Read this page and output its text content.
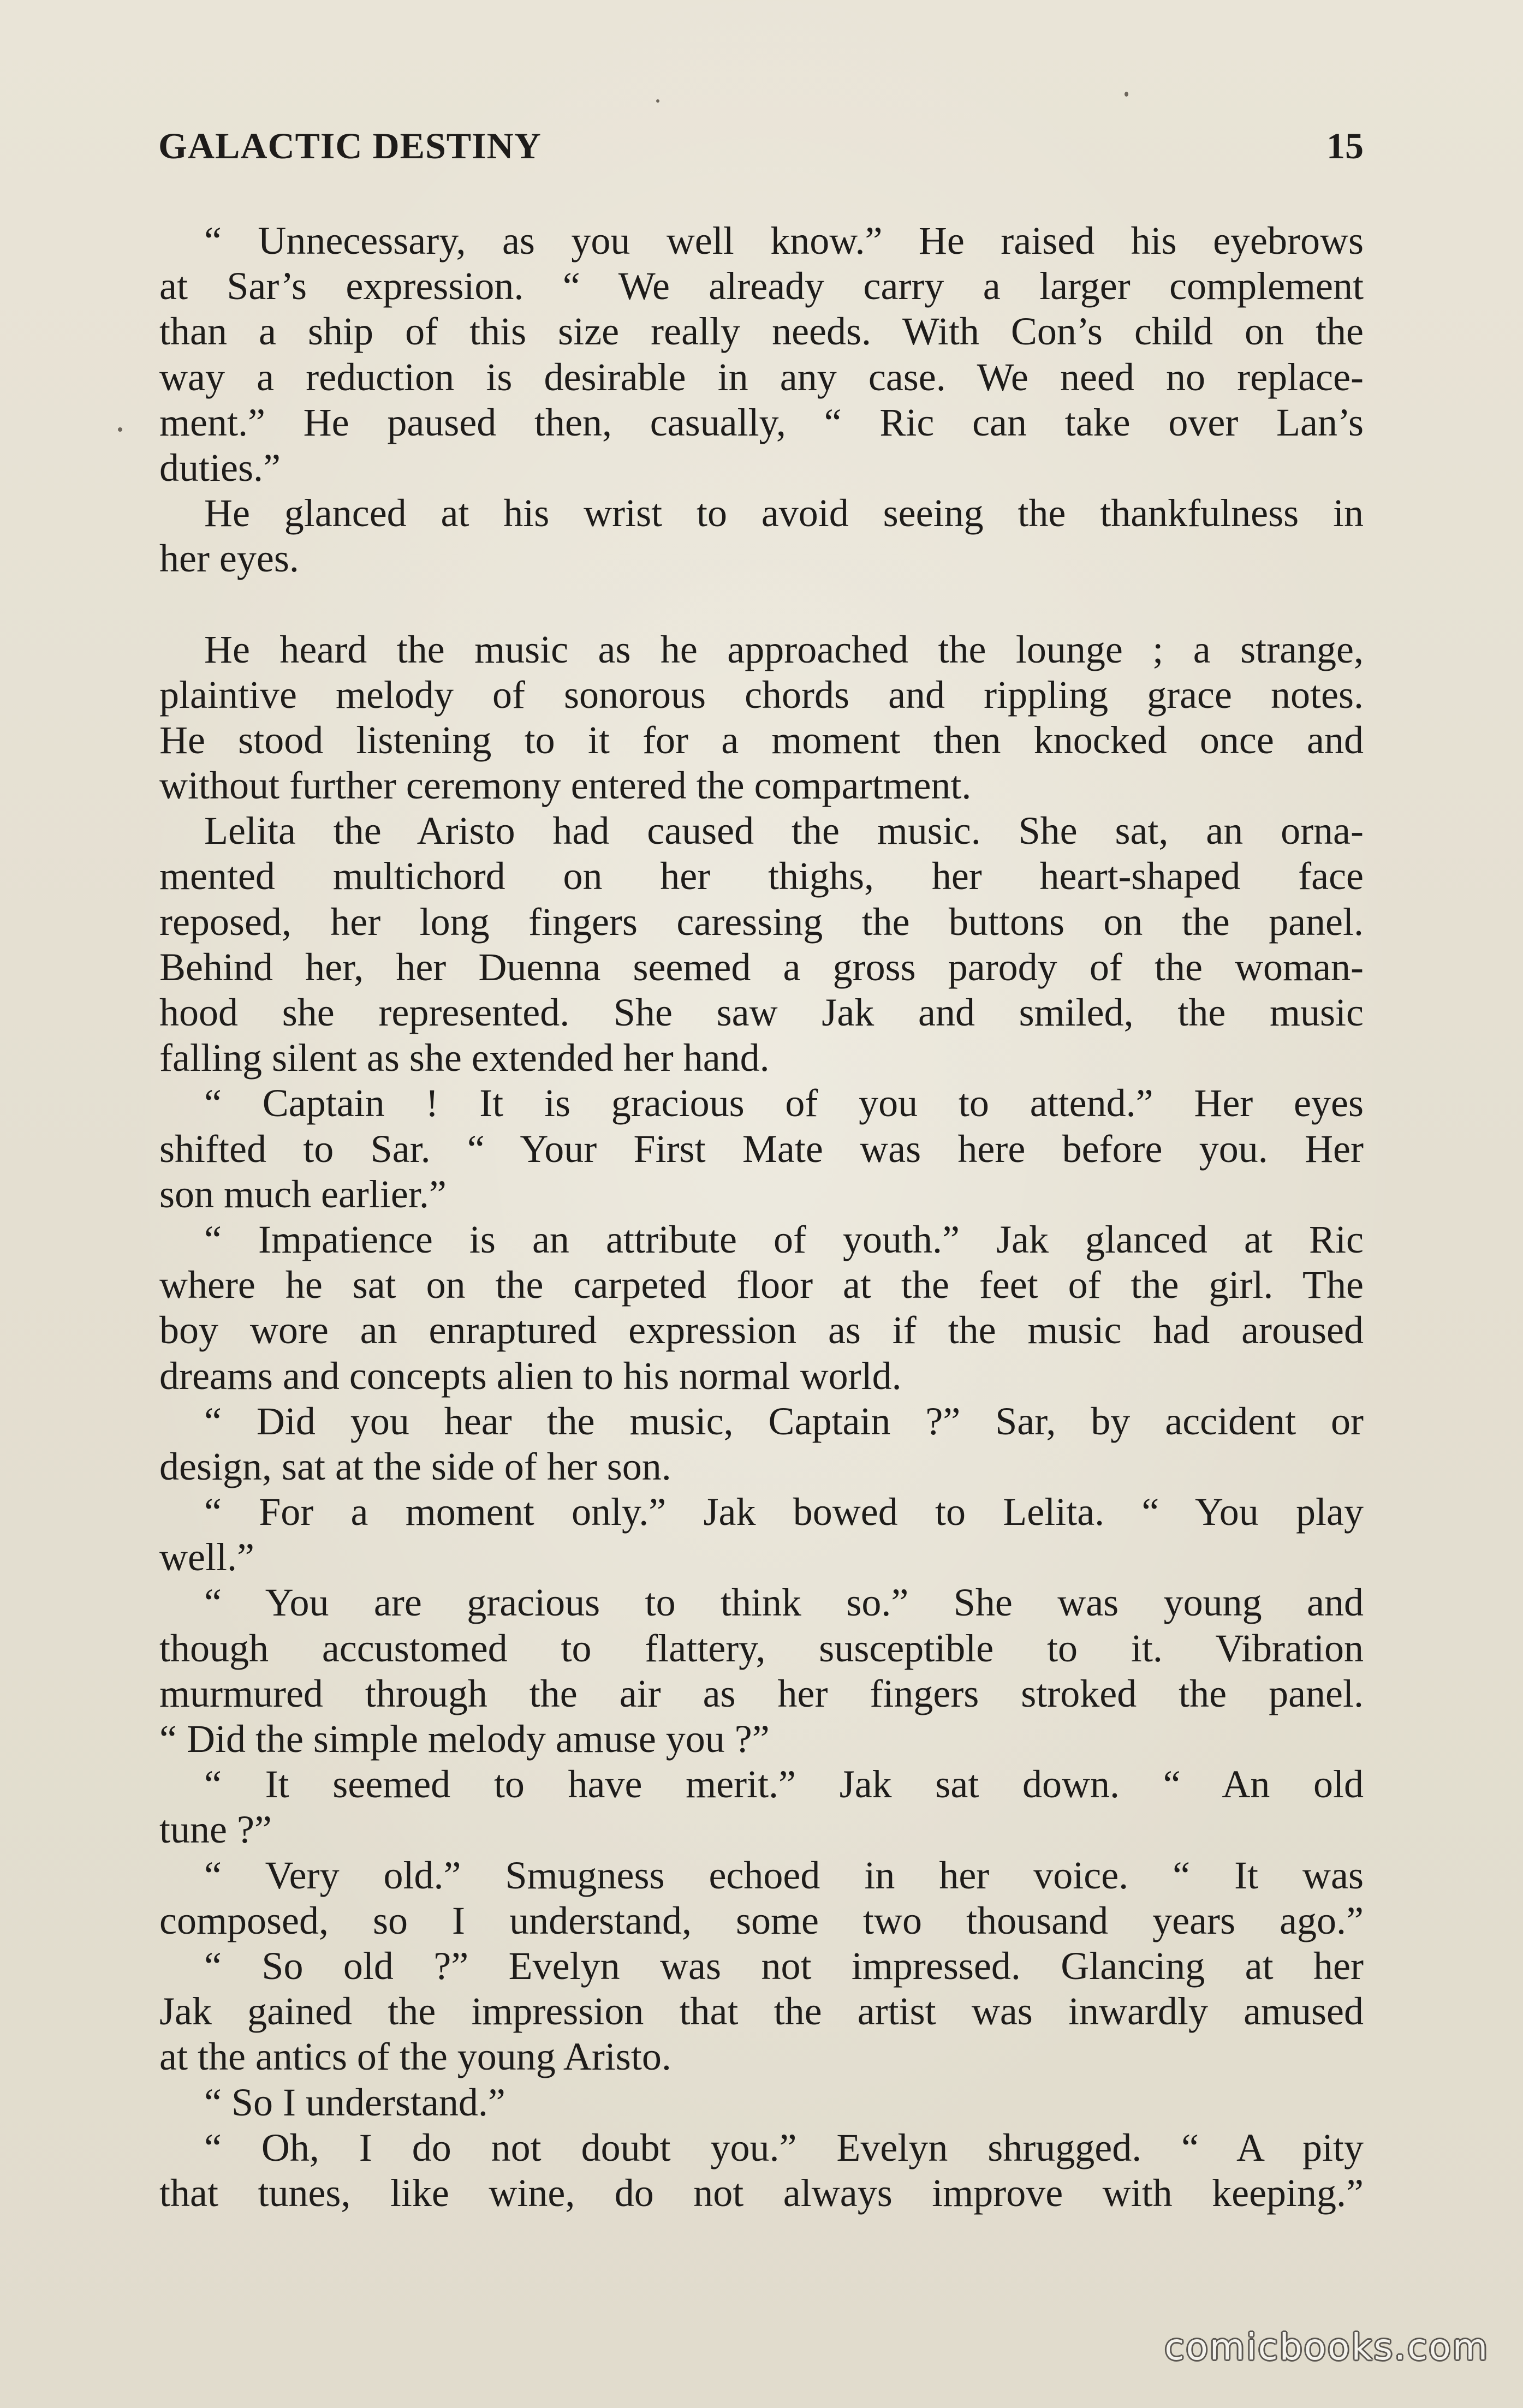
GALACTIC DESTINY	15
“ Unnecessary, as you well know.” He raised his eyebrows
at Sar’s expression. “ We already carry a larger complement
than a ship of this size really needs. With Con’s child on the
way a reduction is desirable in any case. We need no replace-
ment.” He paused then, casually, “ Ric can take over Lan’s
duties.”
He glanced at his wrist to avoid seeing the thankfulness in
her eyes.
He heard the music as he approached the lounge ; a strange,
plaintive melody of sonorous chords and rippling grace notes.
He stood listening to it for a moment then knocked once and
without further ceremony entered the compartment.
Lelita the Aristo had caused the music. She sat, an orna-
mented multichord on her thighs, her heart-shaped face
reposed, her long fingers caressing the buttons on the panel.
Behind her, her Duenna seemed a gross parody of the woman-
hood she represented. She saw Jak and smiled, the music
falling silent as she extended her hand.
“ Captain ! It is gracious of you to attend.” Her eyes
shifted to Sar. “ Your First Mate was here before you. Her
son much earlier.”
“ Impatience is an attribute of youth.” Jak glanced at Ric
where he sat on the carpeted floor at the feet of the girl. The
boy wore an enraptured expression as if the music had aroused
dreams and concepts alien to his normal world.
“ Did you hear the music, Captain ?” Sar, by accident or
design, sat at the side of her son.
“ For a moment only.” Jak bowed to Lelita. “ You play
well.”
“ You are gracious to think so.” She was young and
though accustomed to flattery, susceptible to it. Vibration
murmured through the air as her fingers stroked the panel.
“ Did the simple melody amuse you ?”
“ It seemed to have merit.” Jak sat down. “ An old
tune ?”
“ Very old.” Smugness echoed in her voice. “ It was
composed, so I understand, some two thousand years ago.”
“ So old ?” Evelyn was not impressed. Glancing at her
Jak gained the impression that the artist was inwardly amused
at the antics of the young Aristo.
“ So I understand.”
“ Oh, I do not doubt you.” Evelyn shrugged. “ A pity
that tunes, like wine, do not always improve with keeping.”
comicbooks.com
